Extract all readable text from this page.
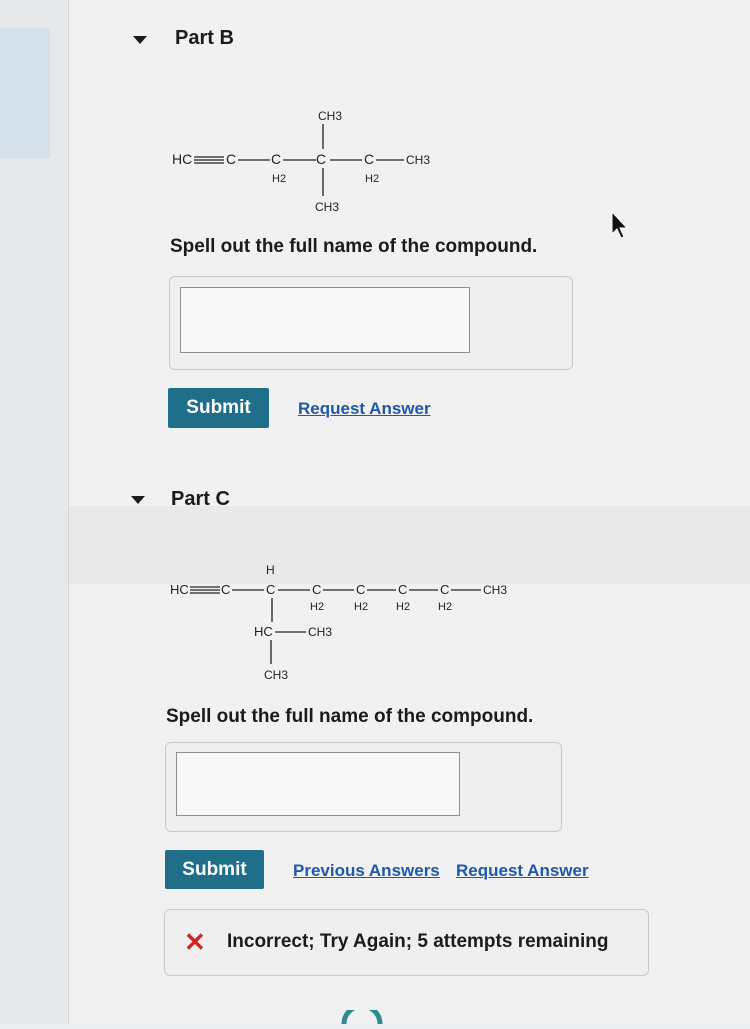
Part B
HC C C
H2
CH3
C
CH3
C
H2
CH3
Spell out the full name of the compound.
Submit	Request Answer
Part C
HC C
H
C	C
H2
C
H2
C
H2
C
H2
CH3
HC	CH3
CH3
Spell out the full name of the compound.
Submit	Previous Answers Request Answer
✕ Incorrect; Try Again; 5 attempts remaining
